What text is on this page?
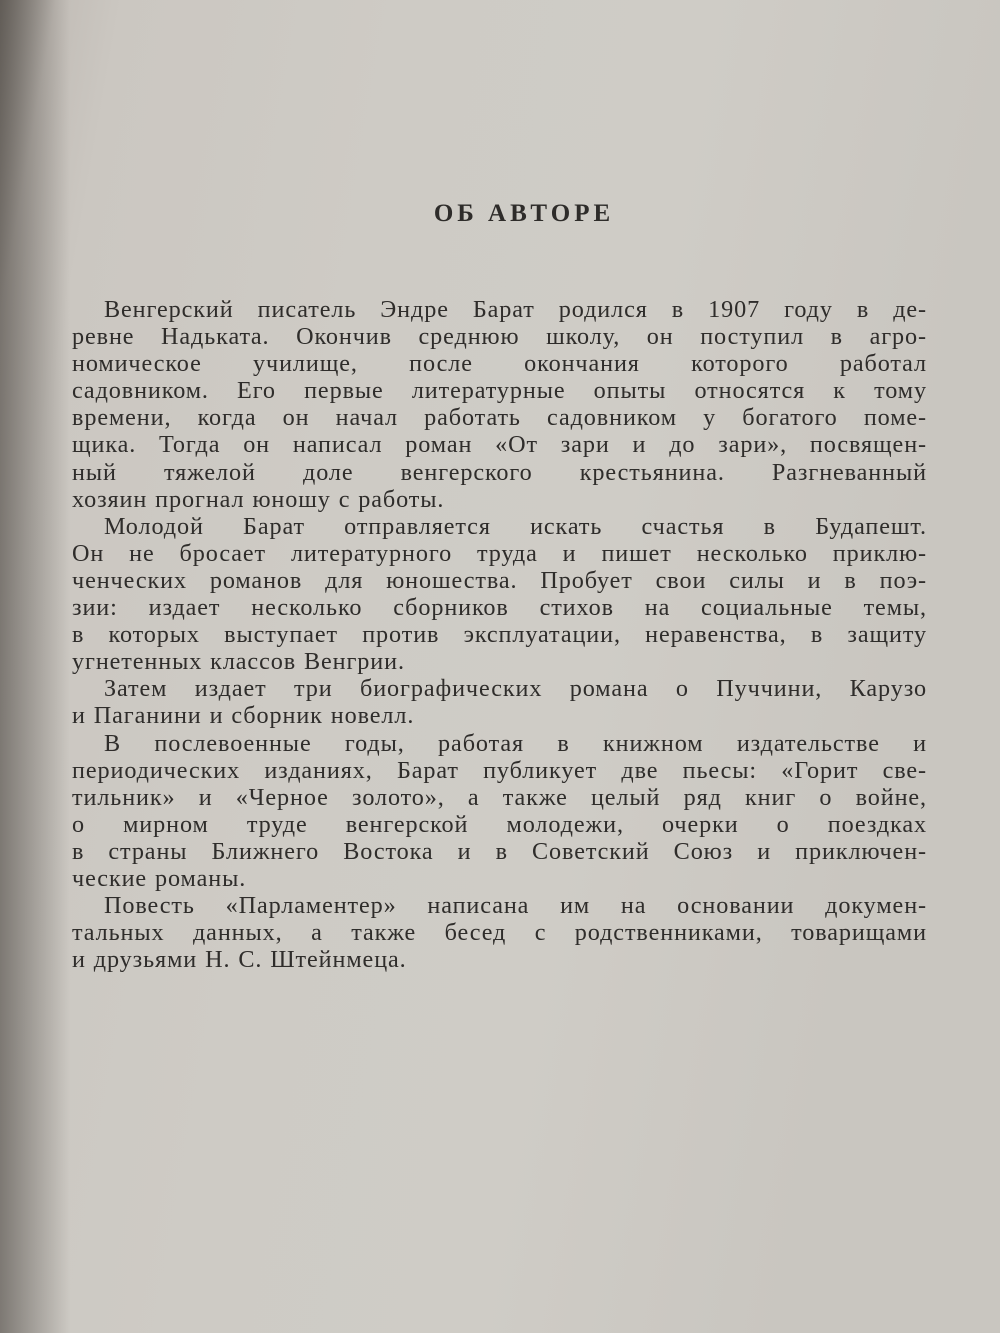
ОБ АВТОРЕ
Венгерский писатель Эндре Барат родился в 1907 году в де-
ревне Надькатa. Окончив среднюю школу, он поступил в агро-
номическое училище, после окончания которого работал
садовником. Его первые литературные опыты относятся к тому
времени, когда он начал работать садовником у богатого поме-
щика. Тогда он написал роман «От зари и до зари», посвящен-
ный тяжелой доле венгерского крестьянина. Разгневанный
хозяин прогнал юношу с работы.
Молодой Барат отправляется искать счастья в Будапешт.
Он не бросает литературного труда и пишет несколько приклю-
ченческих романов для юношества. Пробует свои силы и в поэ-
зии: издает несколько сборников стихов на социальные темы,
в которых выступает против эксплуатации, неравенства, в защиту
угнетенных классов Венгрии.
Затем издает три биографических романа о Пуччини, Карузо
и Паганини и сборник новелл.
В послевоенные годы, работая в книжном издательстве и
периодических изданиях, Барат публикует две пьесы: «Горит све-
тильник» и «Черное золото», а также целый ряд книг о войне,
о мирном труде венгерской молодежи, очерки о поездках
в страны Ближнего Востока и в Советский Союз и приключен-
ческие романы.
Повесть «Парламентер» написана им на основании докумен-
тальных данных, а также бесед с родственниками, товарищами
и друзьями Н. С. Штейнмеца.
